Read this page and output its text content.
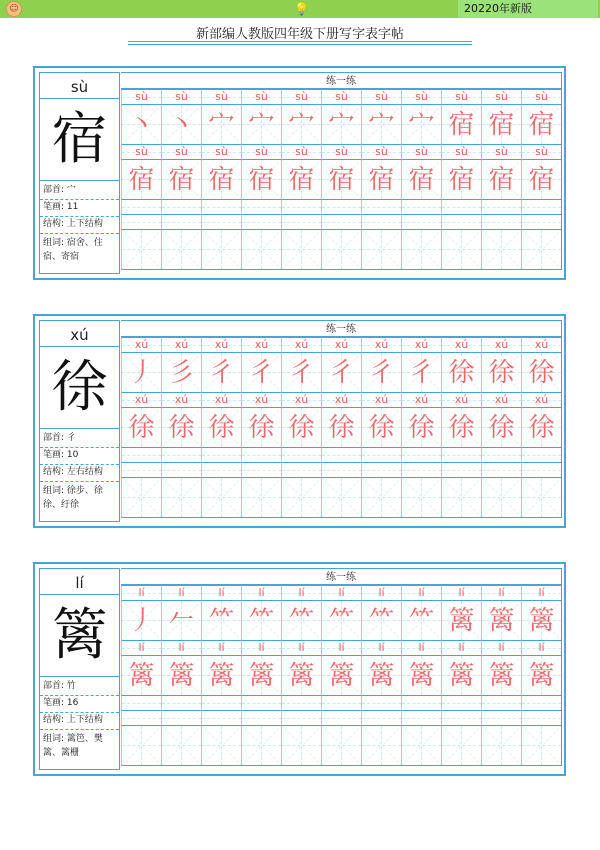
☺	💡	20220年新版
新部编人教版四年级下册写字表字帖
sù
宿
部首: 宀
笔画: 11
结构: 上下结构
组词: 宿舍、住宿、寄宿
练一练
sù	sù	sù	sù	sù	sù	sù	sù	sù	sù	sù
丶 丶 宀 宀 宀 宀 宀 宀 宿 宿 宿
sù	sù	sù	sù	sù	sù	sù	sù	sù	sù	sù
宿 宿 宿 宿 宿 宿 宿 宿 宿 宿 宿
xú
徐
部首: 彳
笔画: 10
结构: 左右结构
组词: 徐步、徐徐、纡徐
练一练
xú	xú	xú	xú	xú	xú	xú	xú	xú	xú	xú
丿 彡 彳 彳 彳 彳 彳 彳 徐 徐 徐
xú	xú	xú	xú	xú	xú	xú	xú	xú	xú	xú
徐 徐 徐 徐 徐 徐 徐 徐 徐 徐 徐
lí
篱
部首: 竹
笔画: 16
结构: 上下结构
组词: 篱笆、樊篱、篱栅
练一练
lí	lí	lí	lí	lí	lí	lí	lí	lí	lí	lí
丿 𠂉 ⺮ ⺮ ⺮ ⺮ ⺮ ⺮ 篱 篱 篱
lí	lí	lí	lí	lí	lí	lí	lí	lí	lí	lí
篱 篱 篱 篱 篱 篱 篱 篱 篱 篱 篱
